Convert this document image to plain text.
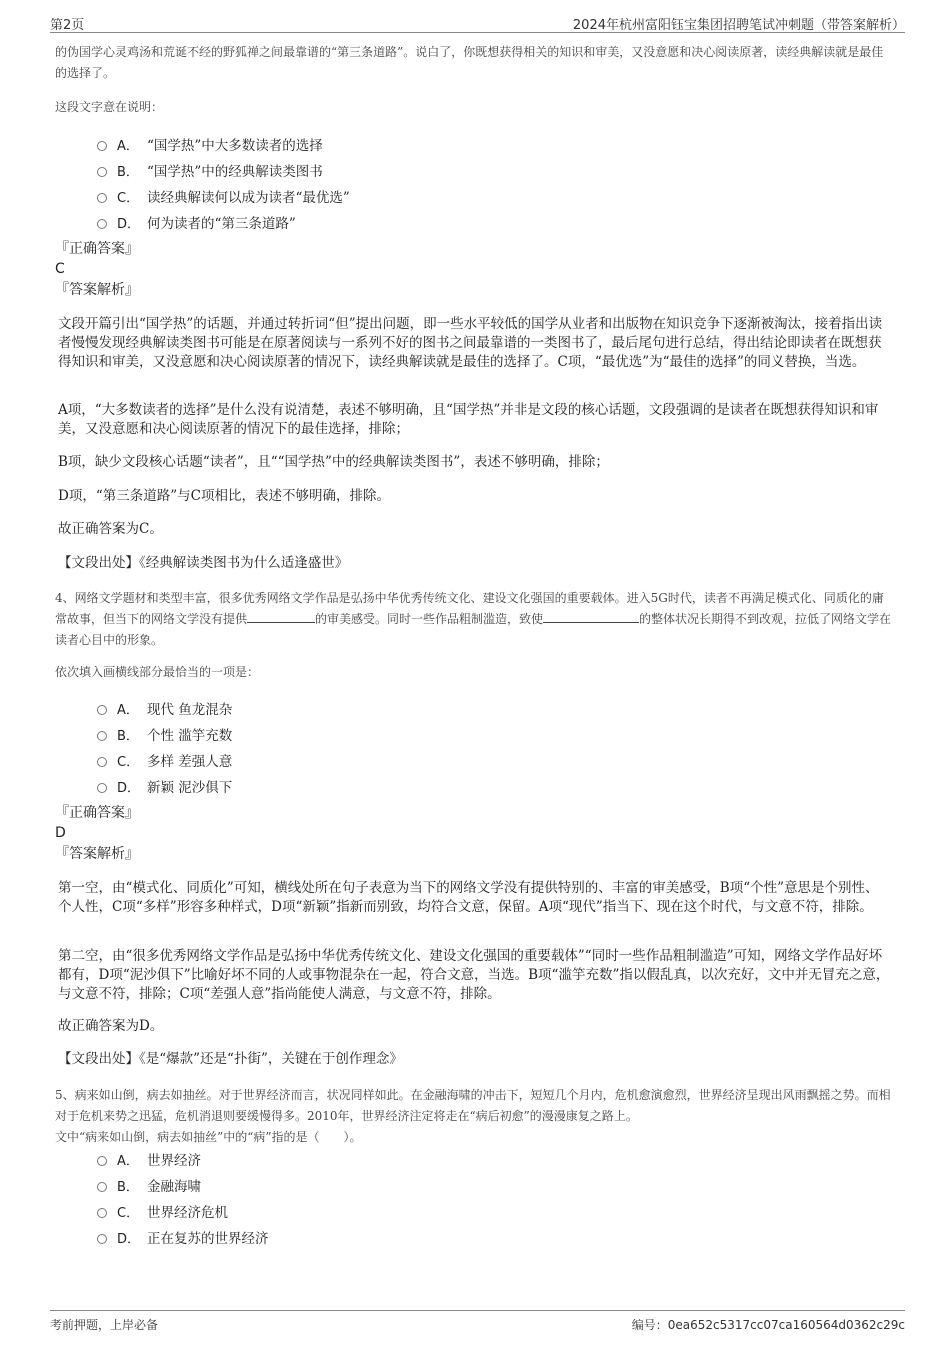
第2页	2024年杭州富阳钰宝集团招聘笔试冲刺题（带答案解析）
的伪国学心灵鸡汤和荒诞不经的野狐禅之间最靠谱的“第三条道路”。说白了，你既想获得相关的知识和审美，又没意愿和决心阅读原著，读经典解读就是最佳的选择了。
这段文字意在说明：
A． “国学热”中大多数读者的选择
B． “国学热”中的经典解读类图书
C． 读经典解读何以成为读者“最优选”
D． 何为读者的“第三条道路”
『正确答案』
C
『答案解析』
文段开篇引出“国学热”的话题，并通过转折词“但”提出问题，即一些水平较低的国学从业者和出版物在知识竞争下逐渐被淘汰，接着指出读者慢慢发现经典解读类图书可能是在原著阅读与一系列不好的图书之间最靠谱的一类图书了，最后尾句进行总结，得出结论即读者在既想获得知识和审美，又没意愿和决心阅读原著的情况下，读经典解读就是最佳的选择了。C项，“最优选”为“最佳的选择”的同义替换，当选。
A项，“大多数读者的选择”是什么没有说清楚，表述不够明确，且“国学热”并非是文段的核心话题，文段强调的是读者在既想获得知识和审美，又没意愿和决心阅读原著的情况下的最佳选择，排除；
B项，缺少文段核心话题“读者”，且““国学热”中的经典解读类图书”，表述不够明确，排除；
D项，“第三条道路”与C项相比，表述不够明确，排除。
故正确答案为C。
【文段出处】《经典解读类图书为什么适逢盛世》
4、网络文学题材和类型丰富，很多优秀网络文学作品是弘扬中华优秀传统文化、建设文化强国的重要载体。进入5G时代，读者不再满足模式化、同质化的庸常故事，但当下的网络文学没有提供	的审美感受。同时一些作品粗制滥造，致使	的整体状况长期得不到改观，拉低了网络文学在读者心目中的形象。
依次填入画横线部分最恰当的一项是：
A． 现代 鱼龙混杂
B． 个性 滥竽充数
C． 多样 差强人意
D． 新颖 泥沙俱下
『正确答案』
D
『答案解析』
第一空，由“模式化、同质化”可知，横线处所在句子表意为当下的网络文学没有提供特别的、丰富的审美感受，B项“个性”意思是个别性、个人性，C项“多样”形容多种样式，D项“新颖”指新而别致，均符合文意，保留。A项“现代”指当下、现在这个时代，与文意不符，排除。
第二空，由“很多优秀网络文学作品是弘扬中华优秀传统文化、建设文化强国的重要载体”“同时一些作品粗制滥造”可知，网络文学作品好坏都有，D项“泥沙俱下”比喻好坏不同的人或事物混杂在一起，符合文意，当选。B项“滥竽充数”指以假乱真，以次充好，文中并无冒充之意，与文意不符，排除；C项“差强人意”指尚能使人满意，与文意不符，排除。
故正确答案为D。
【文段出处】《是“爆款”还是“扑街”，关键在于创作理念》
5、病来如山倒，病去如抽丝。对于世界经济而言，状况同样如此。在金融海啸的冲击下，短短几个月内，危机愈演愈烈，世界经济呈现出风雨飘摇之势。而相对于危机来势之迅猛，危机消退则要缓慢得多。2010年，世界经济注定将走在“病后初愈”的漫漫康复之路上。
文中“病来如山倒，病去如抽丝”中的“病”指的是（　　）。
A． 世界经济
B． 金融海啸
C． 世界经济危机
D． 正在复苏的世界经济
考前押题，上岸必备	编号：0ea652c5317cc07ca160564d0362c29c
